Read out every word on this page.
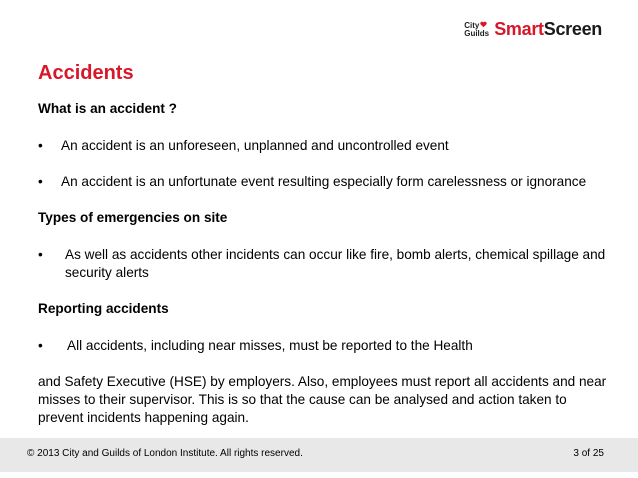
City
Guilds Smart Screen
Accidents

What is an accident ?

•	An accident is an unforeseen, unplanned and uncontrolled event
•	An accident is an unfortunate event resulting especially form carelessness or ignorance

Types of emergencies on site

•	As well as accidents other incidents can occur like fire, bomb alerts, chemical spillage and security alerts

Reporting accidents

•	All accidents, including near misses, must be reported to the Health

and Safety Executive (HSE) by employers. Also, employees must report all accidents and near misses to their supervisor. This is so that the cause can be analysed and action taken to prevent incidents happening again.

© 2013 City and Guilds of London Institute. All rights reserved.	3 of 25
